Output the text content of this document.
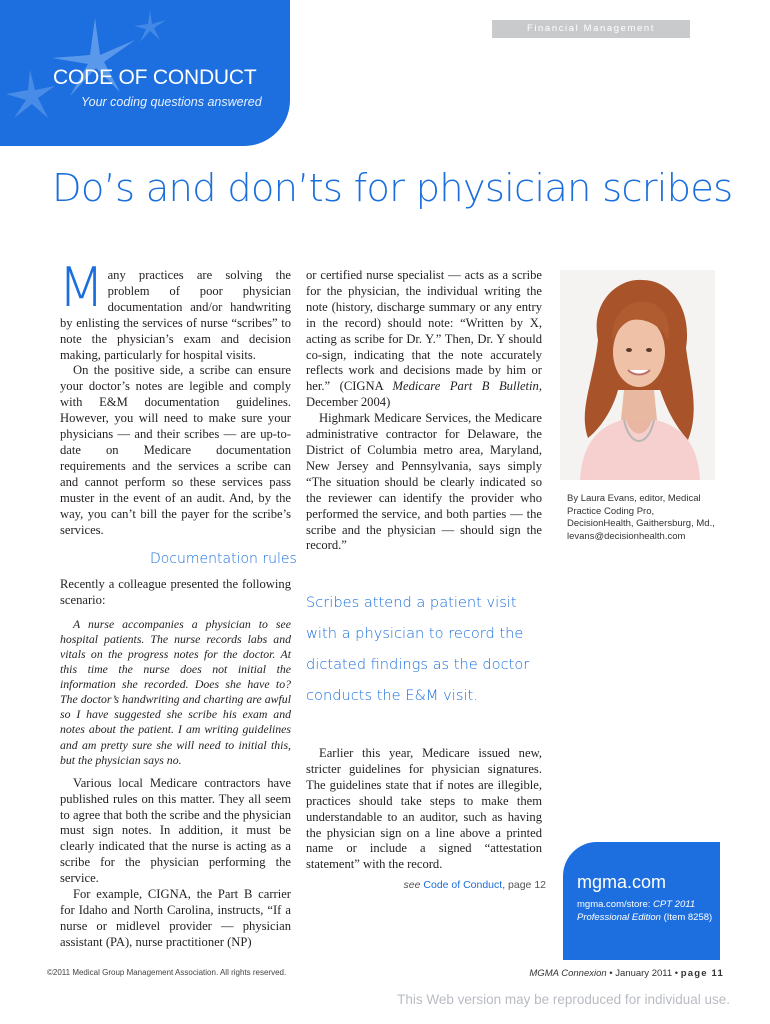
Financial Management
CODE OF CONDUCT
Your coding questions answered
Do’s and don’ts for physician scribes

Many practices are solving the problem of poor physician documentation and/or handwriting by enlisting the services of nurse “scribes” to note the physician’s exam and decision making, particularly for hospital visits.

On the positive side, a scribe can ensure your doctor’s notes are legible and comply with E&M documentation guidelines. However, you will need to make sure your physicians — and their scribes — are up-to-date on Medicare documentation requirements and the services a scribe can and cannot perform so these services pass muster in the event of an audit. And, by the way, you can’t bill the payer for the scribe’s services.

Documentation rules

Recently a colleague presented the following scenario:

A nurse accompanies a physician to see hospital patients. The nurse records labs and vitals on the progress notes for the doctor. At this time the nurse does not initial the information she recorded. Does she have to? The doctor’s handwriting and charting are awful so I have suggested she scribe his exam and notes about the patient. I am writing guidelines and am pretty sure she will need to initial this, but the physician says no.

Various local Medicare contractors have published rules on this matter. They all seem to agree that both the scribe and the physician must sign notes. In addition, it must be clearly indicated that the nurse is acting as a scribe for the physician performing the service.

For example, CIGNA, the Part B carrier for Idaho and North Carolina, instructs, “If a nurse or midlevel provider — physician assistant (PA), nurse practitioner (NP)

or certified nurse specialist — acts as a scribe for the physician, the individual writing the note (history, discharge summary or any entry in the record) should note: “Written by X, acting as scribe for Dr. Y.” Then, Dr. Y should co-sign, indicating that the note accurately reflects work and decisions made by him or her.” (CIGNA Medicare Part B Bulletin, December 2004)

Highmark Medicare Services, the Medicare administrative contractor for Delaware, the District of Columbia metro area, Maryland, New Jersey and Pennsylvania, says simply “The situation should be clearly indicated so the reviewer can identify the provider who performed the service, and both parties — the scribe and the physician — should sign the record.”

Scribes attend a patient visit with a physician to record the dictated findings as the doctor conducts the E&M visit.

Earlier this year, Medicare issued new, stricter guidelines for physician signatures. The guidelines state that if notes are illegible, practices should take steps to make them understandable to an auditor, such as having the physician sign on a line above a printed name or include a signed “attestation statement” with the record.

see Code of Conduct, page 12
By Laura Evans, editor, Medical Practice Coding Pro, DecisionHealth, Gaithersburg, Md., levans@decisionhealth.com
mgma.com
mgma.com/store: CPT 2011 Professional Edition (Item 8258)
©2011 Medical Group Management Association. All rights reserved.	MGMA Connexion • January 2011 • page 11
This Web version may be reproduced for individual use.
